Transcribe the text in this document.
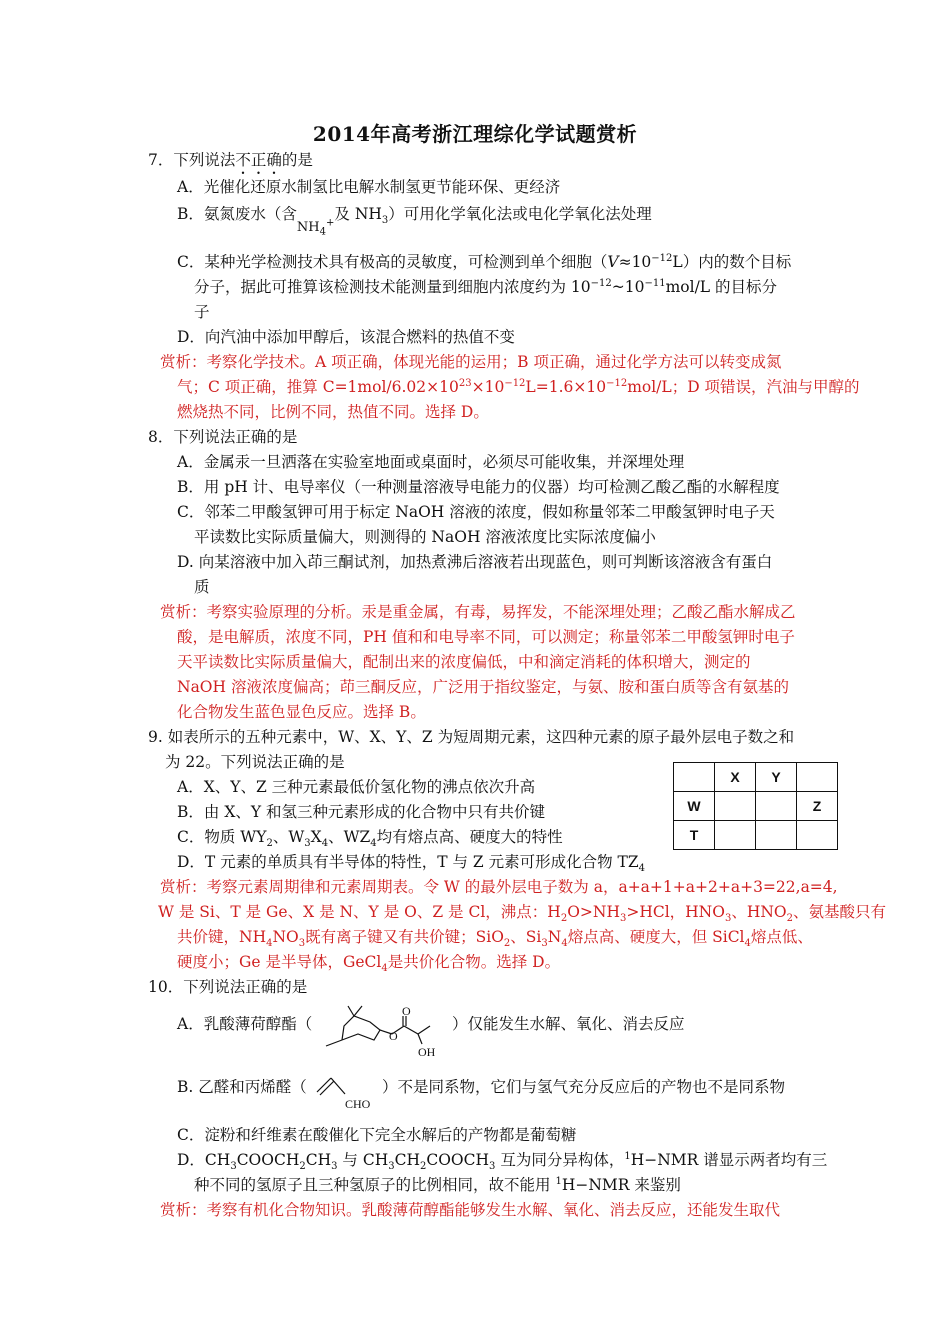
2014年高考浙江理综化学试题赏析
7．下列说法不正确的是
A．光催化还原水制氢比电解水制氢更节能环保、更经济
B．氨氮废水（含$NH_4^+$及 $NH_3$）可用化学氧化法或电化学氧化法处理
C．某种光学检测技术具有极高的灵敏度，可检测到单个细胞$(V\approx 10^{-12}L)$内的数个目标
分子，据此可推算该检测技术能测量到细胞内浓度约为 $10^{-12}\sim 10^{-11}mol/L$ 的目标分
子
D．向汽油中添加甲醇后，该混合燃料的热值不变
赏析：考察化学技术。A 项正确，体现光能的运用；B 项正确，通过化学方法可以转变成氮
气；C 项正确，推算 $C=1mol/6.02\times 10^{23}\times 10^{-12}L=1.6\times 10^{-12}mol/L$；D 项错误，汽油与甲醇的
燃烧热不同，比例不同，热值不同。选择 D。
8．下列说法正确的是
A．金属汞一旦洒落在实验室地面或桌面时，必须尽可能收集，并深埋处理
B．用 pH 计、电导率仪（一种测量溶液导电能力的仪器）均可检测乙酸乙酯的水解程度
C．邻苯二甲酸氢钾可用于标定 NaOH 溶液的浓度，假如称量邻苯二甲酸氢钾时电子天
平读数比实际质量偏大，则测得的 NaOH 溶液浓度比实际浓度偏小
D. 向某溶液中加入茚三酮试剂，加热煮沸后溶液若出现蓝色，则可判断该溶液含有蛋白
质
赏析：考察实验原理的分析。汞是重金属，有毒，易挥发，不能深埋处理；乙酸乙酯水解成乙
酸，是电解质，浓度不同，PH 值和和电导率不同，可以测定；称量邻苯二甲酸氢钾时电子
天平读数比实际质量偏大，配制出来的浓度偏低，中和滴定消耗的体积增大，测定的
NaOH 溶液浓度偏高；茚三酮反应，广泛用于指纹鉴定，与氨、胺和蛋白质等含有氨基的
化合物发生蓝色显色反应。选择 B。
9. 如表所示的五种元素中，W、X、Y、Z 为短周期元素，这四种元素的原子最外层电子数之和
为 22。下列说法正确的是
A．X、Y、Z 三种元素最低价氢化物的沸点依次升高
B．由 X、Y 和氢三种元素形成的化合物中只有共价键
C．物质 $WY_2$、$W_3X_4$、$WZ_4$均有熔点高、硬度大的特性
D．T 元素的单质具有半导体的特性，T 与 Z 元素可形成化合物 $TZ_4$
	X	Y	
W			Z
T			
赏析：考察元素周期律和元素周期表。令 W 的最外层电子数为 a，a+a+1+a+2+a+3=22,a=4,
W 是 Si、T 是 Ge、X 是 N、Y 是 O、Z 是 Cl，沸点：$H_2O>NH_3>HCl$，$HNO_3$、$HNO_2$、氨基酸只有
共价键，$NH_4NO_3$既有离子键又有共价键；SiO$_2$、$Si_3N_4$熔点高、硬度大，但 SiCl$_4$熔点低、
硬度小；Ge 是半导体，GeCl$_4$是共价化合物。选择 D。
10．下列说法正确的是
A．乳酸薄荷醇酯（
O
O
OH
）仅能发生水解、氧化、消去反应
B. 乙醛和丙烯醛（
CHO
）不是同系物，它们与氢气充分反应后的产物也不是同系物
C．淀粉和纤维素在酸催化下完全水解后的产物都是葡萄糖
D．$CH_3COOCH_2CH_3$ 与 $CH_3CH_2COOCH_3$ 互为同分异构体，$^1$H−NMR 谱显示两者均有三
种不同的氢原子且三种氢原子的比例相同，故不能用 $^1$H−NMR 来鉴别
赏析：考察有机化合物知识。乳酸薄荷醇酯能够发生水解、氧化、消去反应，还能发生取代
